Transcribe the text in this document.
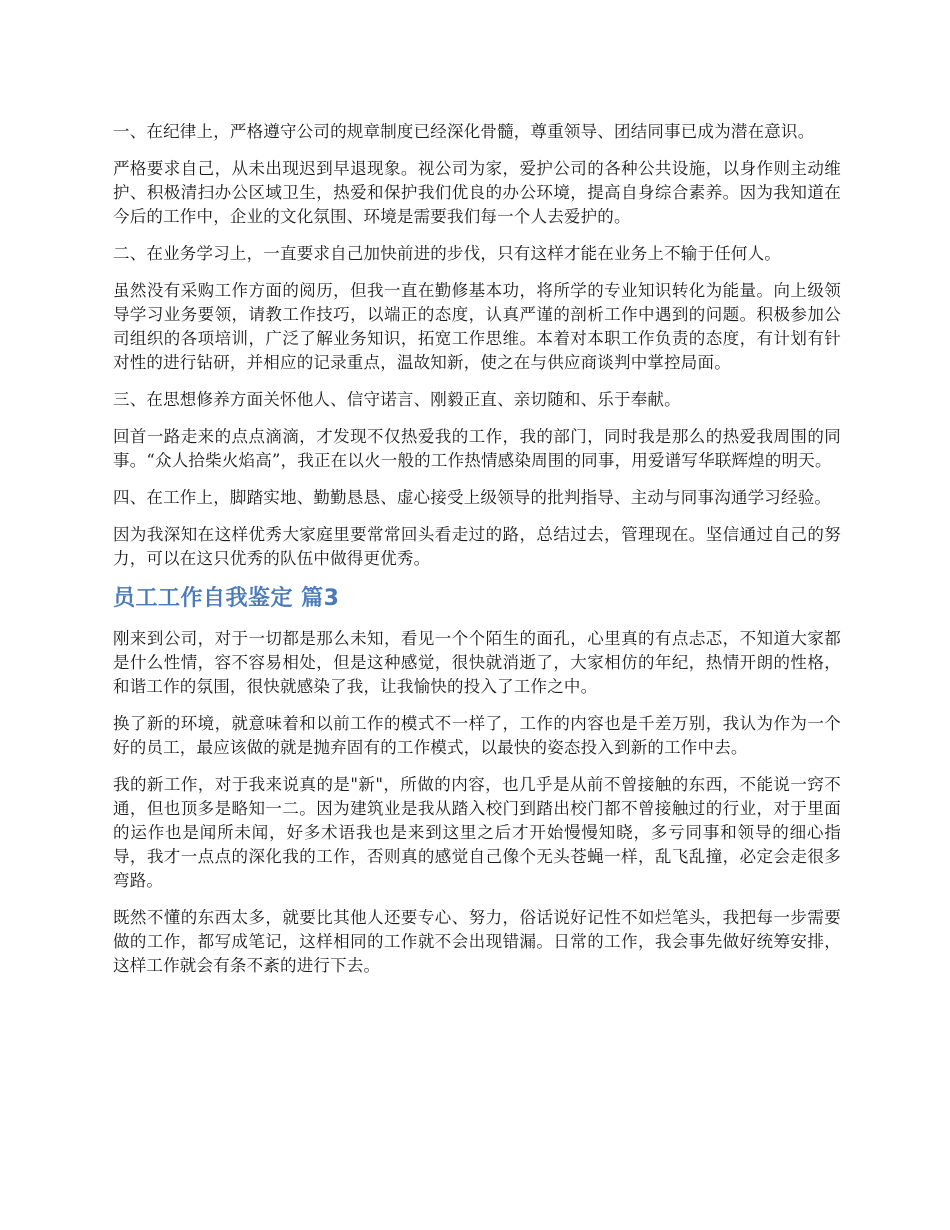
一、在纪律上，严格遵守公司的规章制度已经深化骨髓，尊重领导、团结同事已成为潜在意识。

严格要求自己，从未出现迟到早退现象。视公司为家，爱护公司的各种公共设施，以身作则主动维护、积极清扫办公区域卫生，热爱和保护我们优良的办公环境，提高自身综合素养。因为我知道在今后的工作中，企业的文化氛围、环境是需要我们每一个人去爱护的。

二、在业务学习上，一直要求自己加快前进的步伐，只有这样才能在业务上不输于任何人。

虽然没有采购工作方面的阅历，但我一直在勤修基本功，将所学的专业知识转化为能量。向上级领导学习业务要领，请教工作技巧，以端正的态度，认真严谨的剖析工作中遇到的问题。积极参加公司组织的各项培训，广泛了解业务知识，拓宽工作思维。本着对本职工作负责的态度，有计划有针对性的进行钻研，并相应的记录重点，温故知新，使之在与供应商谈判中掌控局面。

三、在思想修养方面关怀他人、信守诺言、刚毅正直、亲切随和、乐于奉献。

回首一路走来的点点滴滴，才发现不仅热爱我的工作，我的部门，同时我是那么的热爱我周围的同事。“众人拾柴火焰高”，我正在以火一般的工作热情感染周围的同事，用爱谱写华联辉煌的明天。

四、在工作上，脚踏实地、勤勤恳恳、虚心接受上级领导的批判指导、主动与同事沟通学习经验。

因为我深知在这样优秀大家庭里要常常回头看走过的路，总结过去，管理现在。坚信通过自己的努力，可以在这只优秀的队伍中做得更优秀。

员工工作自我鉴定 篇3

刚来到公司，对于一切都是那么未知，看见一个个陌生的面孔，心里真的有点忐忑，不知道大家都是什么性情，容不容易相处，但是这种感觉，很快就消逝了，大家相仿的年纪，热情开朗的性格，和谐工作的氛围，很快就感染了我，让我愉快的投入了工作之中。

换了新的环境，就意味着和以前工作的模式不一样了，工作的内容也是千差万别，我认为作为一个好的员工，最应该做的就是抛弃固有的工作模式，以最快的姿态投入到新的工作中去。

我的新工作，对于我来说真的是"新"，所做的内容，也几乎是从前不曾接触的东西，不能说一窍不通，但也顶多是略知一二。因为建筑业是我从踏入校门到踏出校门都不曾接触过的行业，对于里面的运作也是闻所未闻，好多术语我也是来到这里之后才开始慢慢知晓，多亏同事和领导的细心指导，我才一点点的深化我的工作，否则真的感觉自己像个无头苍蝇一样，乱飞乱撞，必定会走很多弯路。

既然不懂的东西太多，就要比其他人还要专心、努力，俗话说好记性不如烂笔头，我把每一步需要做的工作，都写成笔记，这样相同的工作就不会出现错漏。日常的工作，我会事先做好统筹安排，这样工作就会有条不紊的进行下去。
